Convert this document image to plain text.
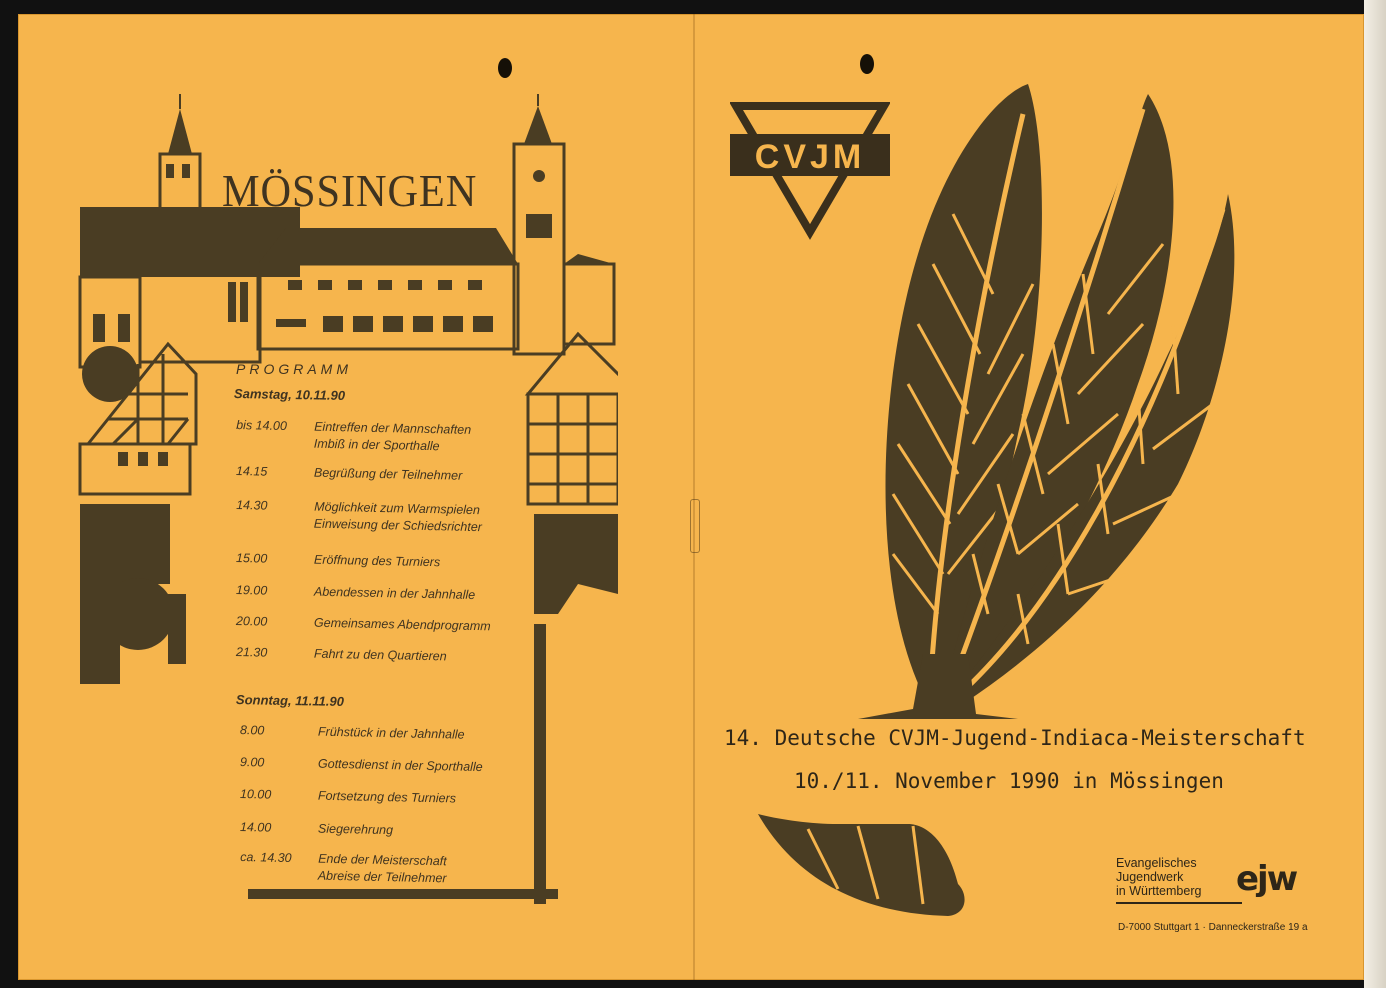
MÖSSINGEN
PROGRAMM
Samstag, 10.11.90
bis 14.00 Eintreffen der Mannschaften
Imbiß in der Sporthalle
14.15	Begrüßung der Teilnehmer
14.30	Möglichkeit zum Warmspielen
Einweisung der Schiedsrichter
15.00	Eröffnung des Turniers
19.00	Abendessen in der Jahnhalle
20.00	Gemeinsames Abendprogramm
21.30	Fahrt zu den Quartieren
Sonntag, 11.11.90
8.00	Frühstück in der Jahnhalle
9.00	Gottesdienst in der Sporthalle
10.00	Fortsetzung des Turniers
14.00	Siegerehrung
ca. 14.30 Ende der Meisterschaft
Abreise der Teilnehmer
CVJM
14. Deutsche CVJM-Jugend-Indiaca-Meisterschaft
10./11. November 1990 in Mössingen
Evangelisches
Jugendwerk
in Württemberg ejw
D-7000 Stuttgart 1 · Danneckerstraße 19 a
